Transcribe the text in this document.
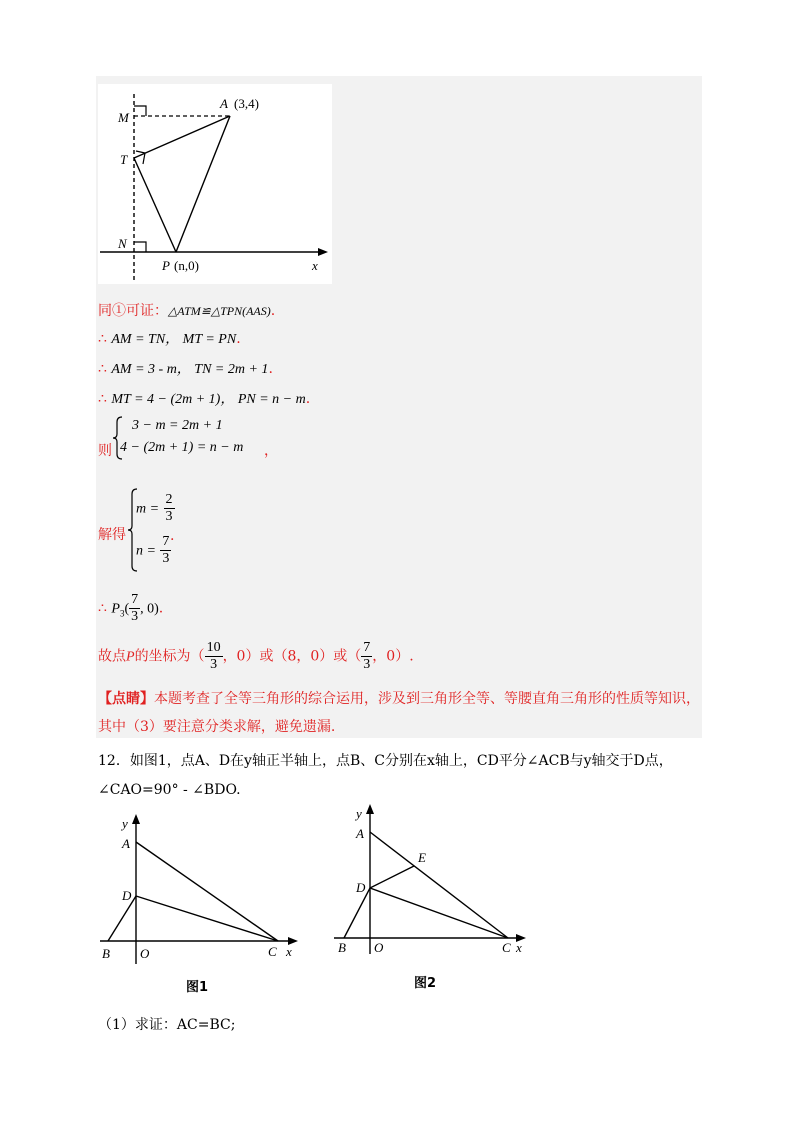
A (3,4)
M
T
N
P (n,0)	x
同①可证：△ATM≌△TPN(AAS).
∴ AM = TN， MT = PN.
∴ AM = 3 - m， TN = 2m + 1.
∴ MT = 4 − (2m + 1)， PN = n − m.
则
3 − m = 2m + 1
4 − (2m + 1) = n − m ，
解得
$m = \frac{2}{3}$
$n = \frac{7}{3}$
.
∴ $P_3( \frac{7}{3}$ , 0).
故点P的坐标为（ $\frac{10}{3}$ ，0）或（8，0）或（ $\frac{7}{3}$ ，0）.
【点睛】本题考查了全等三角形的综合运用，涉及到三角形全等、等腰直角三角形的性质等知识，
其中（3）要注意分类求解，避免遗漏.
12．如图1，点A、D在y轴正半轴上，点B、C分别在x轴上，CD平分∠ACB与y轴交于D点，
∠CAO=90° - ∠BDO.
y
A
D
B O	C x
图1
y
A
E
D
B O	C x
图2
（1）求证：AC=BC;
